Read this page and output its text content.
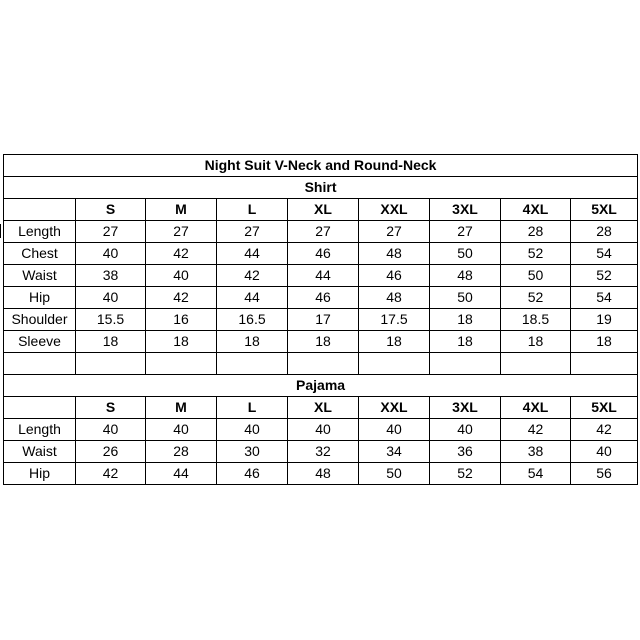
Night Suit V-Neck and Round-Neck								
Shirt								
	S	M	L	XL	XXL	3XL	4XL	5XL
Length	27	27	27	27	27	27	28	28
Chest	40	42	44	46	48	50	52	54
Waist	38	40	42	44	46	48	50	52
Hip	40	42	44	46	48	50	52	54
Shoulder	15.5	16	16.5	17	17.5	18	18.5	19
Sleeve	18	18	18	18	18	18	18	18

Pajama								
	S	M	L	XL	XXL	3XL	4XL	5XL
Length	40	40	40	40	40	40	42	42
Waist	26	28	30	32	34	36	38	40
Hip	42	44	46	48	50	52	54	56
